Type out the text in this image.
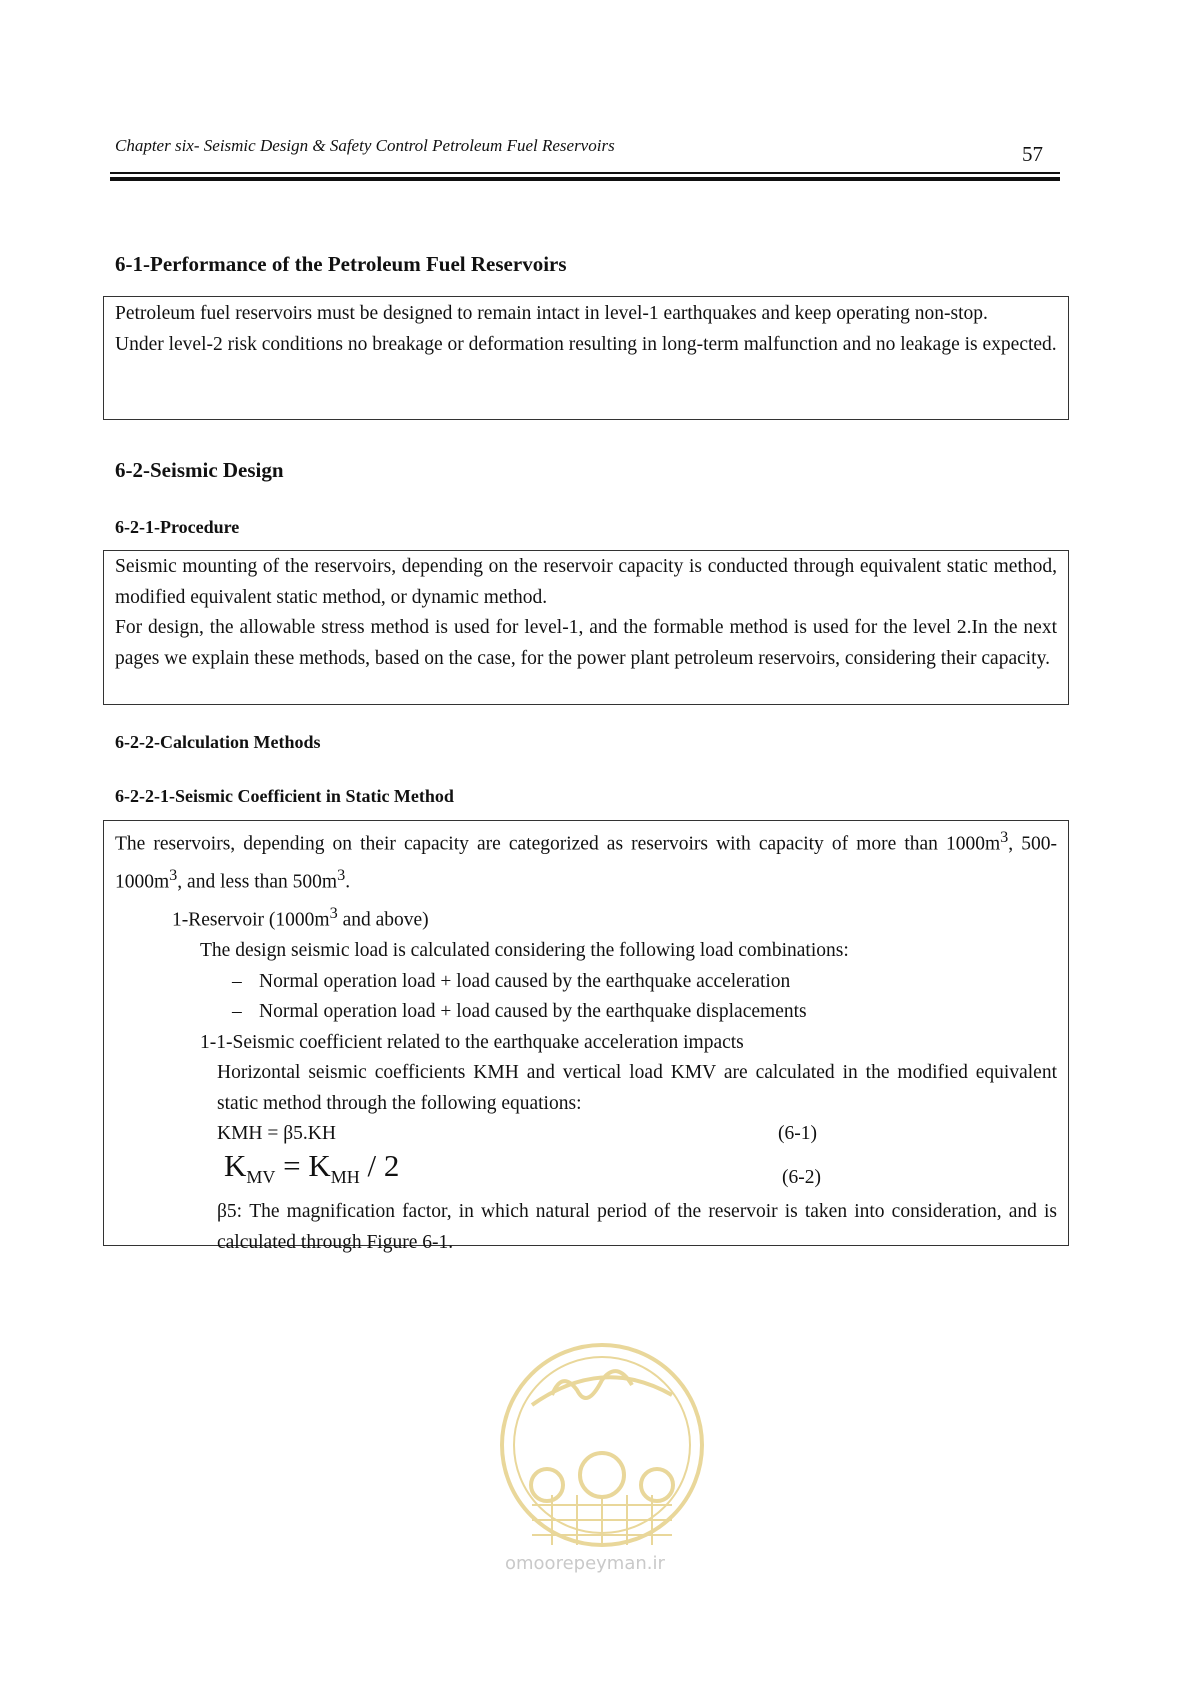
Chapter six- Seismic Design & Safety Control Petroleum Fuel Reservoirs	57
6-1-Performance of the Petroleum Fuel Reservoirs

Petroleum fuel reservoirs must be designed to remain intact in level-1 earthquakes and keep operating non-stop.

Under level-2 risk conditions no breakage or deformation resulting in long-term malfunction and no leakage is expected.

6-2-Seismic Design
6-2-1-Procedure

Seismic mounting of the reservoirs, depending on the reservoir capacity is conducted through equivalent static method, modified equivalent static method, or dynamic method.

For design, the allowable stress method is used for level-1, and the formable method is used for the level 2.In the next pages we explain these methods, based on the case, for the power plant petroleum reservoirs, considering their capacity.

6-2-2-Calculation Methods
6-2-2-1-Seismic Coefficient in Static Method

The reservoirs, depending on their capacity are categorized as reservoirs with capacity of more than $1000m^3$, $500-1000m^3$, and less than $500m^3$.

1-Reservoir ($1000m^3$ and above)

The design seismic load is calculated considering the following load combinations:

– Normal operation load + load caused by the earthquake acceleration

– Normal operation load + load caused by the earthquake displacements

1-1-Seismic coefficient related to the earthquake acceleration impacts

Horizontal seismic coefficients KMH and vertical load KMV are calculated in the modified equivalent static method through the following equations:

KMH = β5.KH	(6-1)
$K_{MV} = K_{MH} / 2$	(6-2)

β5: The magnification factor, in which natural period of the reservoir is taken into consideration, and is calculated through Figure 6-1.

omoorepeyman.ir
